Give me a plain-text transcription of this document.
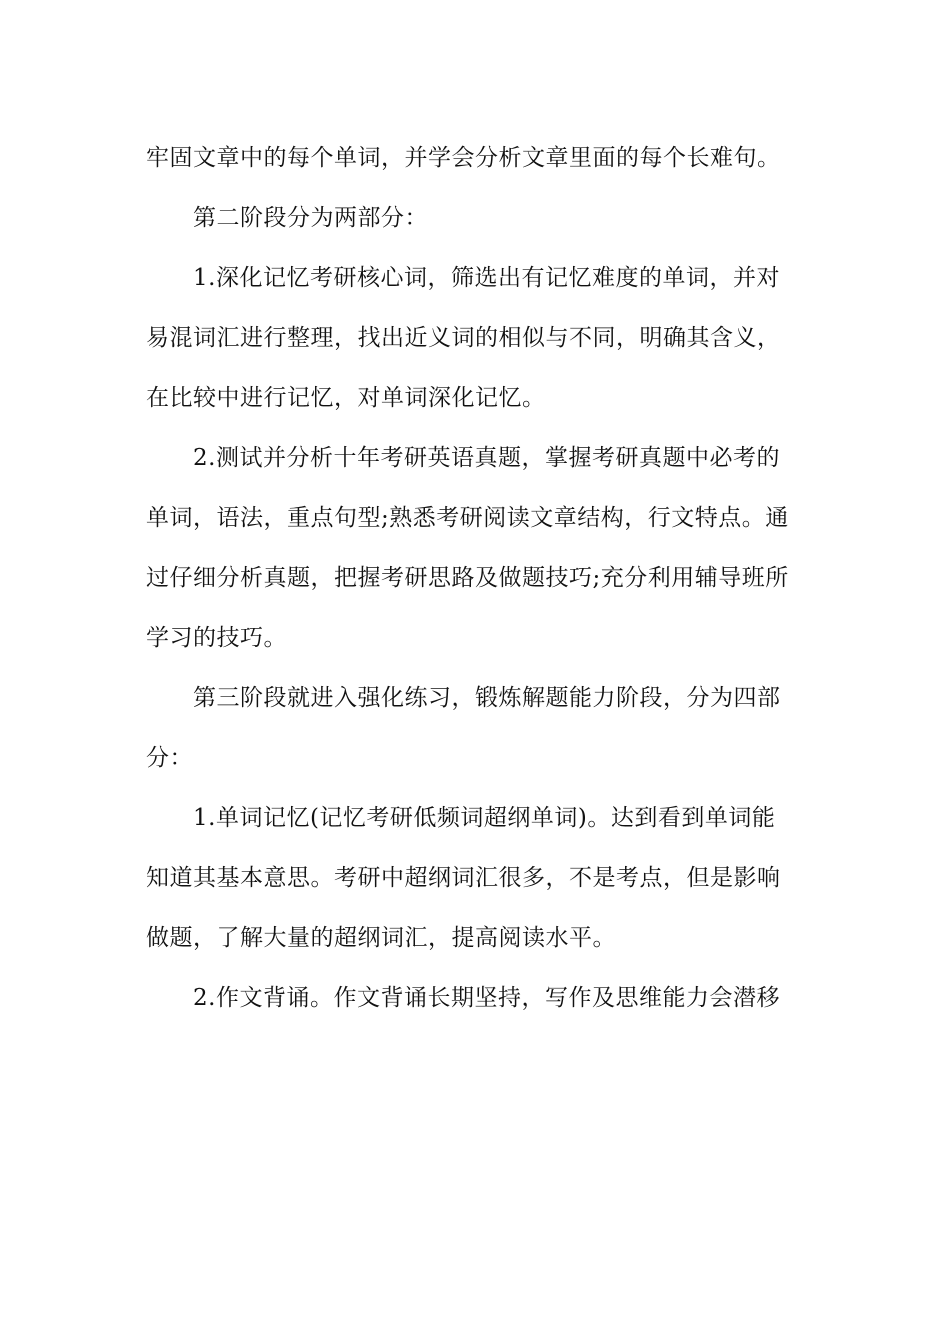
牢固文章中的每个单词，并学会分析文章里面的每个长难句。
第二阶段分为两部分：
1.深化记忆考研核心词，筛选出有记忆难度的单词，并对
易混词汇进行整理，找出近义词的相似与不同，明确其含义，
在比较中进行记忆，对单词深化记忆。
2.测试并分析十年考研英语真题，掌握考研真题中必考的
单词，语法，重点句型;熟悉考研阅读文章结构，行文特点。通
过仔细分析真题，把握考研思路及做题技巧;充分利用辅导班所
学习的技巧。
第三阶段就进入强化练习，锻炼解题能力阶段，分为四部
分：
1.单词记忆(记忆考研低频词超纲单词)。达到看到单词能
知道其基本意思。考研中超纲词汇很多，不是考点，但是影响
做题，了解大量的超纲词汇，提高阅读水平。
2.作文背诵。作文背诵长期坚持，写作及思维能力会潜移
